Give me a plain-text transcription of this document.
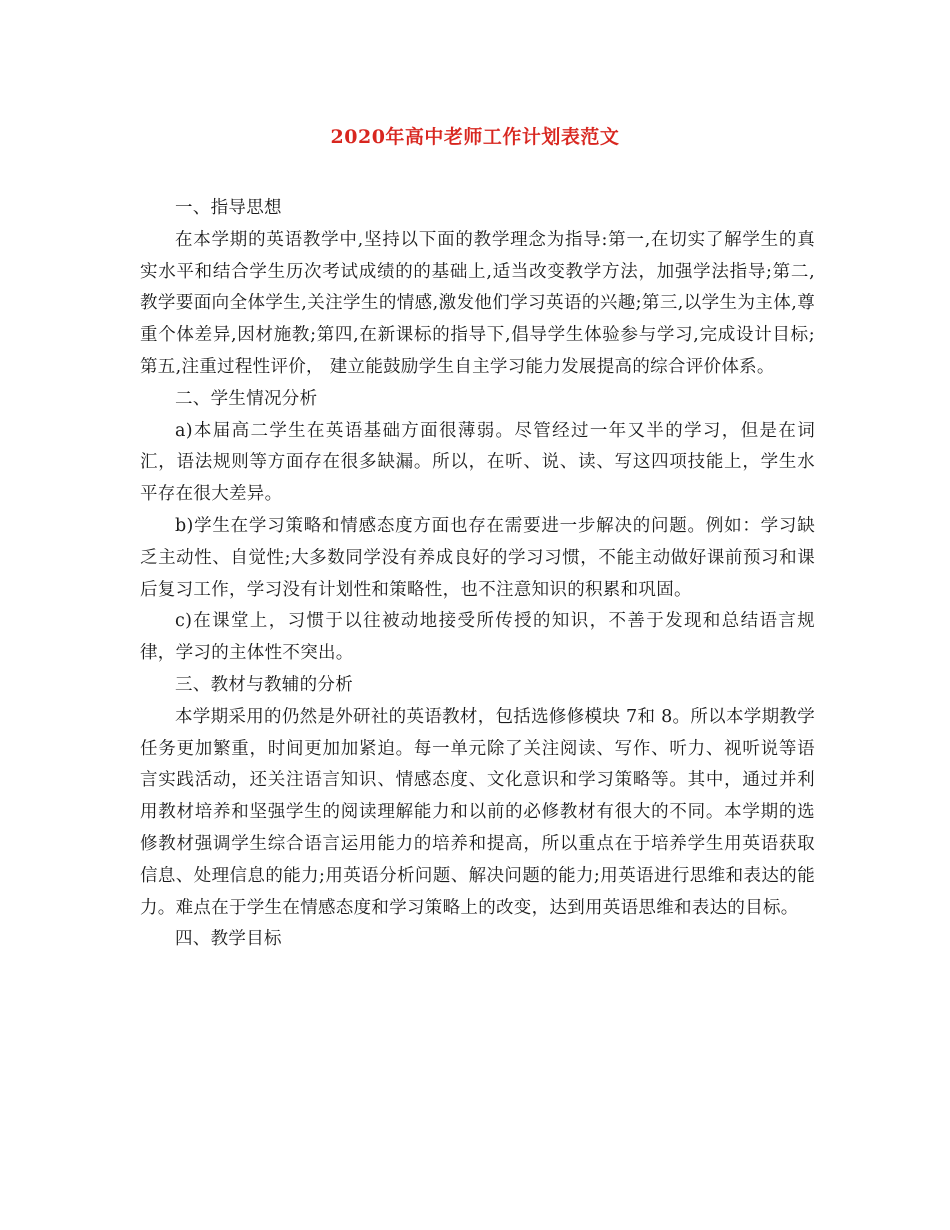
2020年高中老师工作计划表范文

一、指导思想

在本学期的英语教学中,坚持以下面的教学理念为指导:第一,在切实了解学生的真实水平和结合学生历次考试成绩的的基础上,适当改变教学方法，加强学法指导;第二,教学要面向全体学生,关注学生的情感,激发他们学习英语的兴趣;第三,以学生为主体,尊重个体差异,因材施教;第四,在新课标的指导下,倡导学生体验参与学习,完成设计目标;第五,注重过程性评价， 建立能鼓励学生自主学习能力发展提高的综合评价体系。

二、学生情况分析

a)本届高二学生在英语基础方面很薄弱。尽管经过一年又半的学习，但是在词汇，语法规则等方面存在很多缺漏。所以，在听、说、读、写这四项技能上，学生水平存在很大差异。

b)学生在学习策略和情感态度方面也存在需要进一步解决的问题。例如：学习缺乏主动性、自觉性;大多数同学没有养成良好的学习习惯，不能主动做好课前预习和课后复习工作，学习没有计划性和策略性，也不注意知识的积累和巩固。

c)在课堂上，习惯于以往被动地接受所传授的知识，不善于发现和总结语言规律，学习的主体性不突出。

三、教材与教辅的分析

本学期采用的仍然是外研社的英语教材，包括选修修模块 7和 8。所以本学期教学任务更加繁重，时间更加加紧迫。每一单元除了关注阅读、写作、听力、视听说等语言实践活动，还关注语言知识、情感态度、文化意识和学习策略等。其中，通过并利用教材培养和坚强学生的阅读理解能力和以前的必修教材有很大的不同。本学期的选修教材强调学生综合语言运用能力的培养和提高，所以重点在于培养学生用英语获取信息、处理信息的能力;用英语分析问题、解决问题的能力;用英语进行思维和表达的能力。难点在于学生在情感态度和学习策略上的改变，达到用英语思维和表达的目标。

四、教学目标
